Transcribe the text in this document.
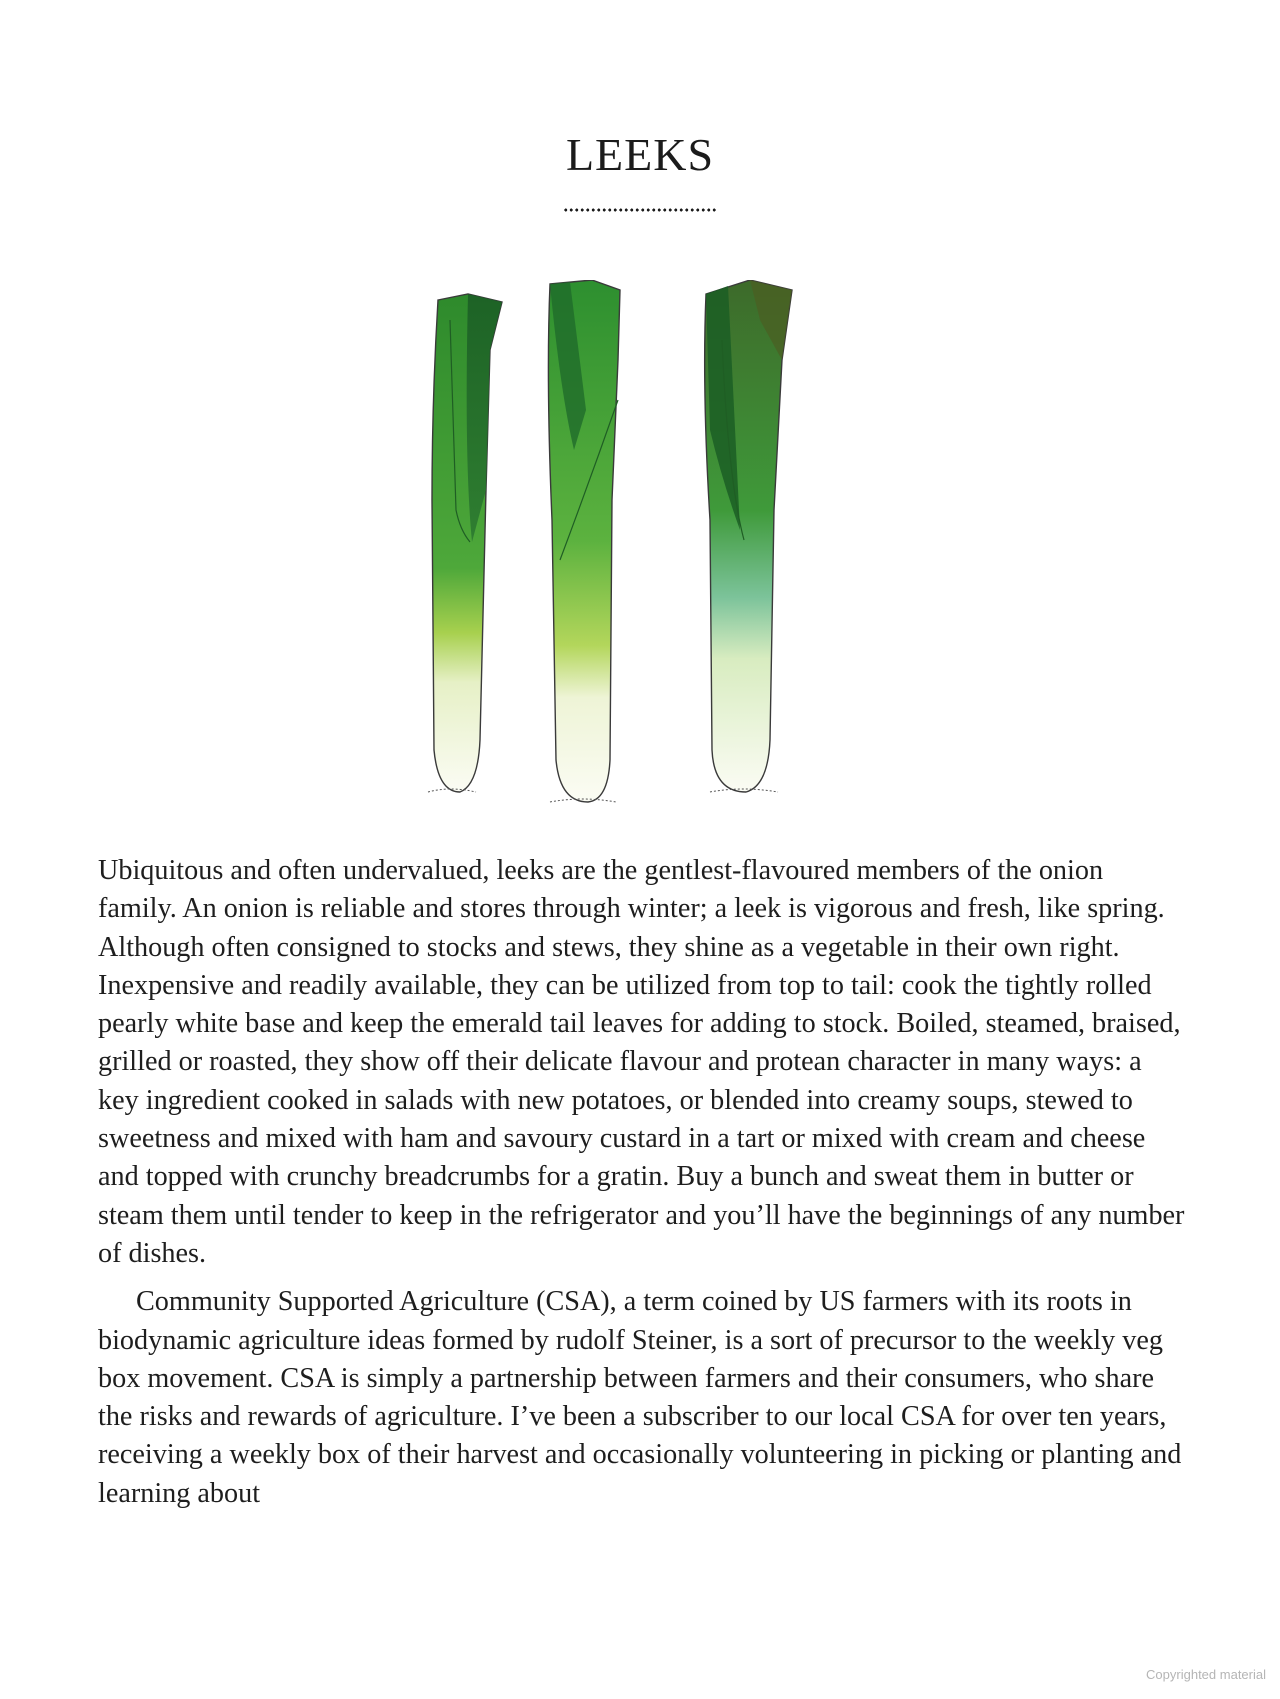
LEEKS

Ubiquitous and often undervalued, leeks are the gentlest-flavoured members of the onion family. An onion is reliable and stores through winter; a leek is vigorous and fresh, like spring. Although often consigned to stocks and stews, they shine as a vegetable in their own right. Inexpensive and readily available, they can be utilized from top to tail: cook the tightly rolled pearly white base and keep the emerald tail leaves for adding to stock. Boiled, steamed, braised, grilled or roasted, they show off their delicate flavour and protean character in many ways: a key ingredient cooked in salads with new potatoes, or blended into creamy soups, stewed to sweetness and mixed with ham and savoury custard in a tart or mixed with cream and cheese and topped with crunchy breadcrumbs for a gratin. Buy a bunch and sweat them in butter or steam them until tender to keep in the refrigerator and you’ll have the beginnings of any number of dishes.

Community Supported Agriculture (CSA), a term coined by US farmers with its roots in biodynamic agriculture ideas formed by rudolf Steiner, is a sort of precursor to the weekly veg box movement. CSA is simply a partnership between farmers and their consumers, who share the risks and rewards of agriculture. I’ve been a subscriber to our local CSA for over ten years, receiving a weekly box of their harvest and occasionally volunteering in picking or planting and learning about

Copyrighted material
